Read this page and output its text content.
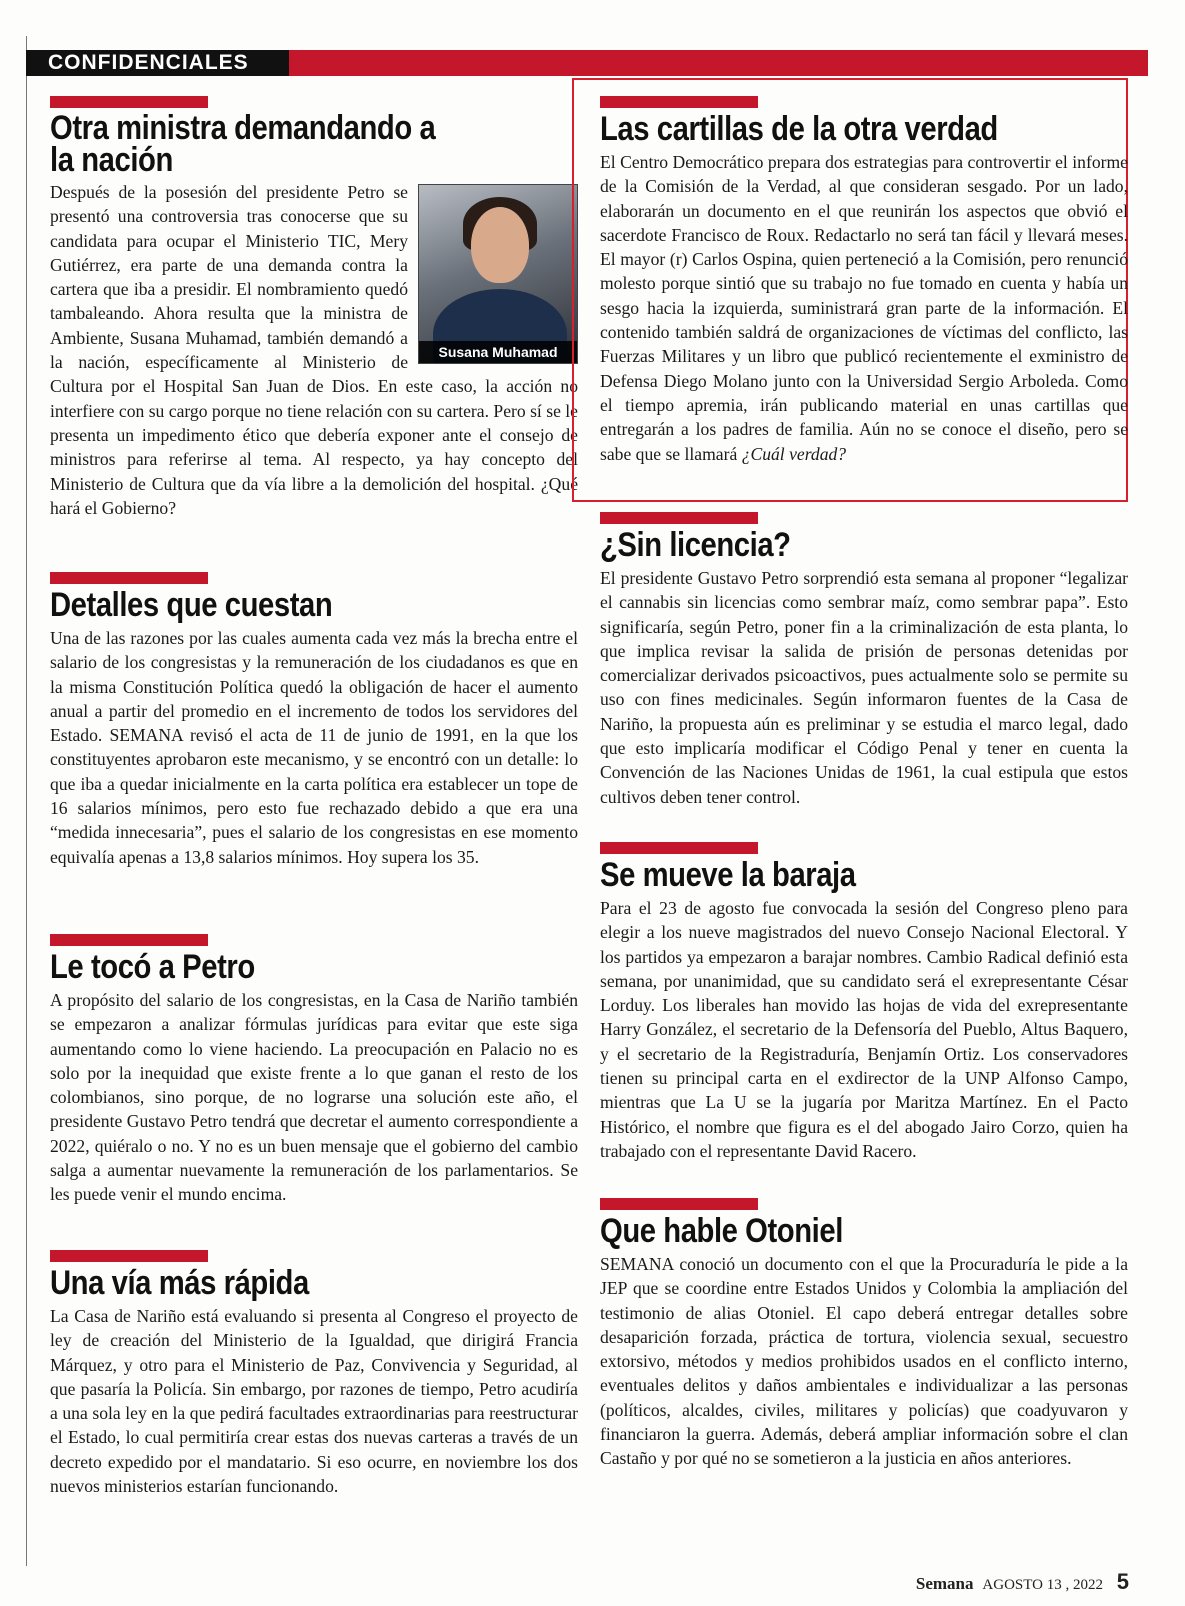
CONFIDENCIALES
Otra ministra demandando a la nación
Susana Muhamad

Después de la posesión del presidente Petro se presentó una controversia tras conocerse que su candidata para ocupar el Ministerio TIC, Mery Gutiérrez, era parte de una demanda contra la cartera que iba a presidir. El nombramiento quedó tambaleando. Ahora resulta que la ministra de Ambiente, Susana Muhamad, también demandó a la nación, específicamente al Ministerio de Cultura por el Hospital San Juan de Dios. En este caso, la acción no interfiere con su cargo porque no tiene relación con su cartera. Pero sí se le presenta un impedimento ético que debería exponer ante el consejo de ministros para referirse al tema. Al respecto, ya hay concepto del Ministerio de Cultura que da vía libre a la demolición del hospital. ¿Qué hará el Gobierno?

Detalles que cuestan

Una de las razones por las cuales aumenta cada vez más la brecha entre el salario de los congresistas y la remuneración de los ciudadanos es que en la misma Constitución Política quedó la obligación de hacer el aumento anual a partir del promedio en el incremento de todos los servidores del Estado. SEMANA revisó el acta de 11 de junio de 1991, en la que los constituyentes aprobaron este mecanismo, y se encontró con un detalle: lo que iba a quedar inicialmente en la carta política era establecer un tope de 16 salarios mínimos, pero esto fue rechazado debido a que era una “medida innecesaria”, pues el salario de los congresistas en ese momento equivalía apenas a 13,8 salarios mínimos. Hoy supera los 35.

Le tocó a Petro

A propósito del salario de los congresistas, en la Casa de Nariño también se empezaron a analizar fórmulas jurídicas para evitar que este siga aumentando como lo viene haciendo. La preocupación en Palacio no es solo por la inequidad que existe frente a lo que ganan el resto de los colombianos, sino porque, de no lograrse una solución este año, el presidente Gustavo Petro tendrá que decretar el aumento correspondiente a 2022, quiéralo o no. Y no es un buen mensaje que el gobierno del cambio salga a aumentar nuevamente la remuneración de los parlamentarios. Se les puede venir el mundo encima.

Una vía más rápida

La Casa de Nariño está evaluando si presenta al Congreso el proyecto de ley de creación del Ministerio de la Igualdad, que dirigirá Francia Márquez, y otro para el Ministerio de Paz, Convivencia y Seguridad, al que pasaría la Policía. Sin embargo, por razones de tiempo, Petro acudiría a una sola ley en la que pedirá facultades extraordinarias para reestructurar el Estado, lo cual permitiría crear estas dos nuevas carteras a través de un decreto expedido por el mandatario. Si eso ocurre, en noviembre los dos nuevos ministerios estarían funcionando.

Las cartillas de la otra verdad

El Centro Democrático prepara dos estrategias para controvertir el informe de la Comisión de la Verdad, al que consideran sesgado. Por un lado, elaborarán un documento en el que reunirán los aspectos que obvió el sacerdote Francisco de Roux. Redactarlo no será tan fácil y llevará meses. El mayor (r) Carlos Ospina, quien perteneció a la Comisión, pero renunció molesto porque sintió que su trabajo no fue tomado en cuenta y había un sesgo hacia la izquierda, suministrará gran parte de la información. El contenido también saldrá de organizaciones de víctimas del conflicto, las Fuerzas Militares y un libro que publicó recientemente el exministro de Defensa Diego Molano junto con la Universidad Sergio Arboleda. Como el tiempo apremia, irán publicando material en unas cartillas que entregarán a los padres de familia. Aún no se conoce el diseño, pero se sabe que se llamará ¿Cuál verdad?

¿Sin licencia?

El presidente Gustavo Petro sorprendió esta semana al proponer “legalizar el cannabis sin licencias como sembrar maíz, como sembrar papa”. Esto significaría, según Petro, poner fin a la criminalización de esta planta, lo que implica revisar la salida de prisión de personas detenidas por comercializar derivados psicoactivos, pues actualmente solo se permite su uso con fines medicinales. Según informaron fuentes de la Casa de Nariño, la propuesta aún es preliminar y se estudia el marco legal, dado que esto implicaría modificar el Código Penal y tener en cuenta la Convención de las Naciones Unidas de 1961, la cual estipula que estos cultivos deben tener control.

Se mueve la baraja

Para el 23 de agosto fue convocada la sesión del Congreso pleno para elegir a los nueve magistrados del nuevo Consejo Nacional Electoral. Y los partidos ya empezaron a barajar nombres. Cambio Radical definió esta semana, por unanimidad, que su candidato será el exrepresentante César Lorduy. Los liberales han movido las hojas de vida del exrepresentante Harry González, el secretario de la Defensoría del Pueblo, Altus Baquero, y el secretario de la Registraduría, Benjamín Ortiz. Los conservadores tienen su principal carta en el exdirector de la UNP Alfonso Campo, mientras que La U se la jugaría por Maritza Martínez. En el Pacto Histórico, el nombre que figura es el del abogado Jairo Corzo, quien ha trabajado con el representante David Racero.

Que hable Otoniel

SEMANA conoció un documento con el que la Procuraduría le pide a la JEP que se coordine entre Estados Unidos y Colombia la ampliación del testimonio de alias Otoniel. El capo deberá entregar detalles sobre desaparición forzada, práctica de tortura, violencia sexual, secuestro extorsivo, métodos y medios prohibidos usados en el conflicto interno, eventuales delitos y daños ambientales e individualizar a las personas (políticos, alcaldes, civiles, militares y policías) que coadyuvaron y financiaron la guerra. Además, deberá ampliar información sobre el clan Castaño y por qué no se sometieron a la justicia en años anteriores.

Semana AGOSTO 13 , 2022 5
